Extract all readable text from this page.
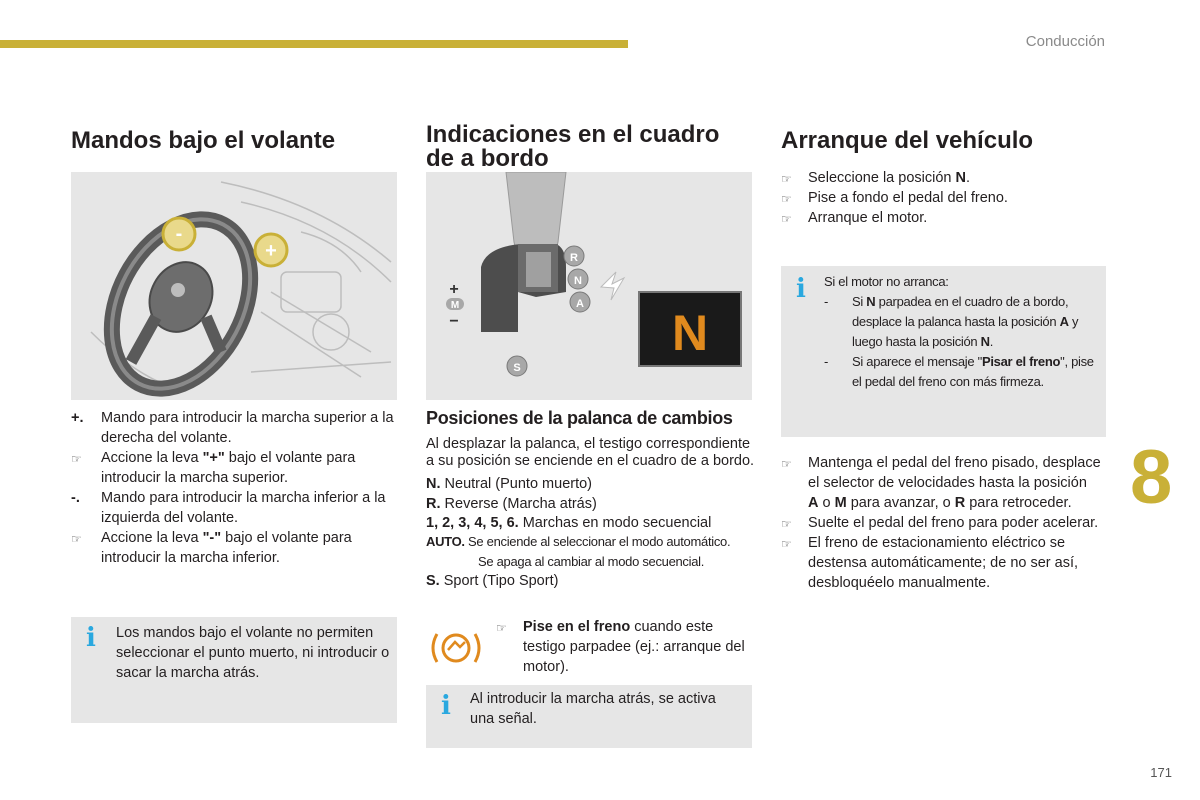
Conducción
8
171
Mandos bajo el volante
-
+
+. Mando para introducir la marcha superior a la derecha del volante.
☞ Accione la leva "+" bajo el volante para introducir la marcha superior.
-. Mando para introducir la marcha inferior a la izquierda del volante.
☞ Accione la leva "-" bajo el volante para introducir la marcha inferior.
i Los mandos bajo el volante no permiten seleccionar el punto muerto, ni introducir o sacar la marcha atrás.
Indicaciones en el cuadro
de a bordo
R
N
A
+
M
−
S
N
Posiciones de la palanca de cambios
Al desplazar la palanca, el testigo correspondiente a su posición se enciende en el cuadro de a bordo.
N. Neutral (Punto muerto)
R. Reverse (Marcha atrás)
1, 2, 3, 4, 5, 6. Marchas en modo secuencial
AUTO. Se enciende al seleccionar el modo automático.
Se apaga al cambiar al modo secuencial.
S. Sport (Tipo Sport)
☞ Pise en el freno cuando este testigo parpadee (ej.: arranque del motor).
i Al introducir la marcha atrás, se activa una señal.
Arranque del vehículo
☞ Seleccione la posición N.
☞ Pise a fondo el pedal del freno.
☞ Arranque el motor.
i Si el motor no arranca:
- Si N parpadea en el cuadro de a bordo, desplace la palanca hasta la posición A y luego hasta la posición N.
- Si aparece el mensaje "Pisar el freno", pise el pedal del freno con más firmeza.
☞ Mantenga el pedal del freno pisado, desplace el selector de velocidades hasta la posición A o M para avanzar, o R para retroceder.
☞ Suelte el pedal del freno para poder acelerar.
☞ El freno de estacionamiento eléctrico se destensa automáticamente; de no ser así, desbloquéelo manualmente.
